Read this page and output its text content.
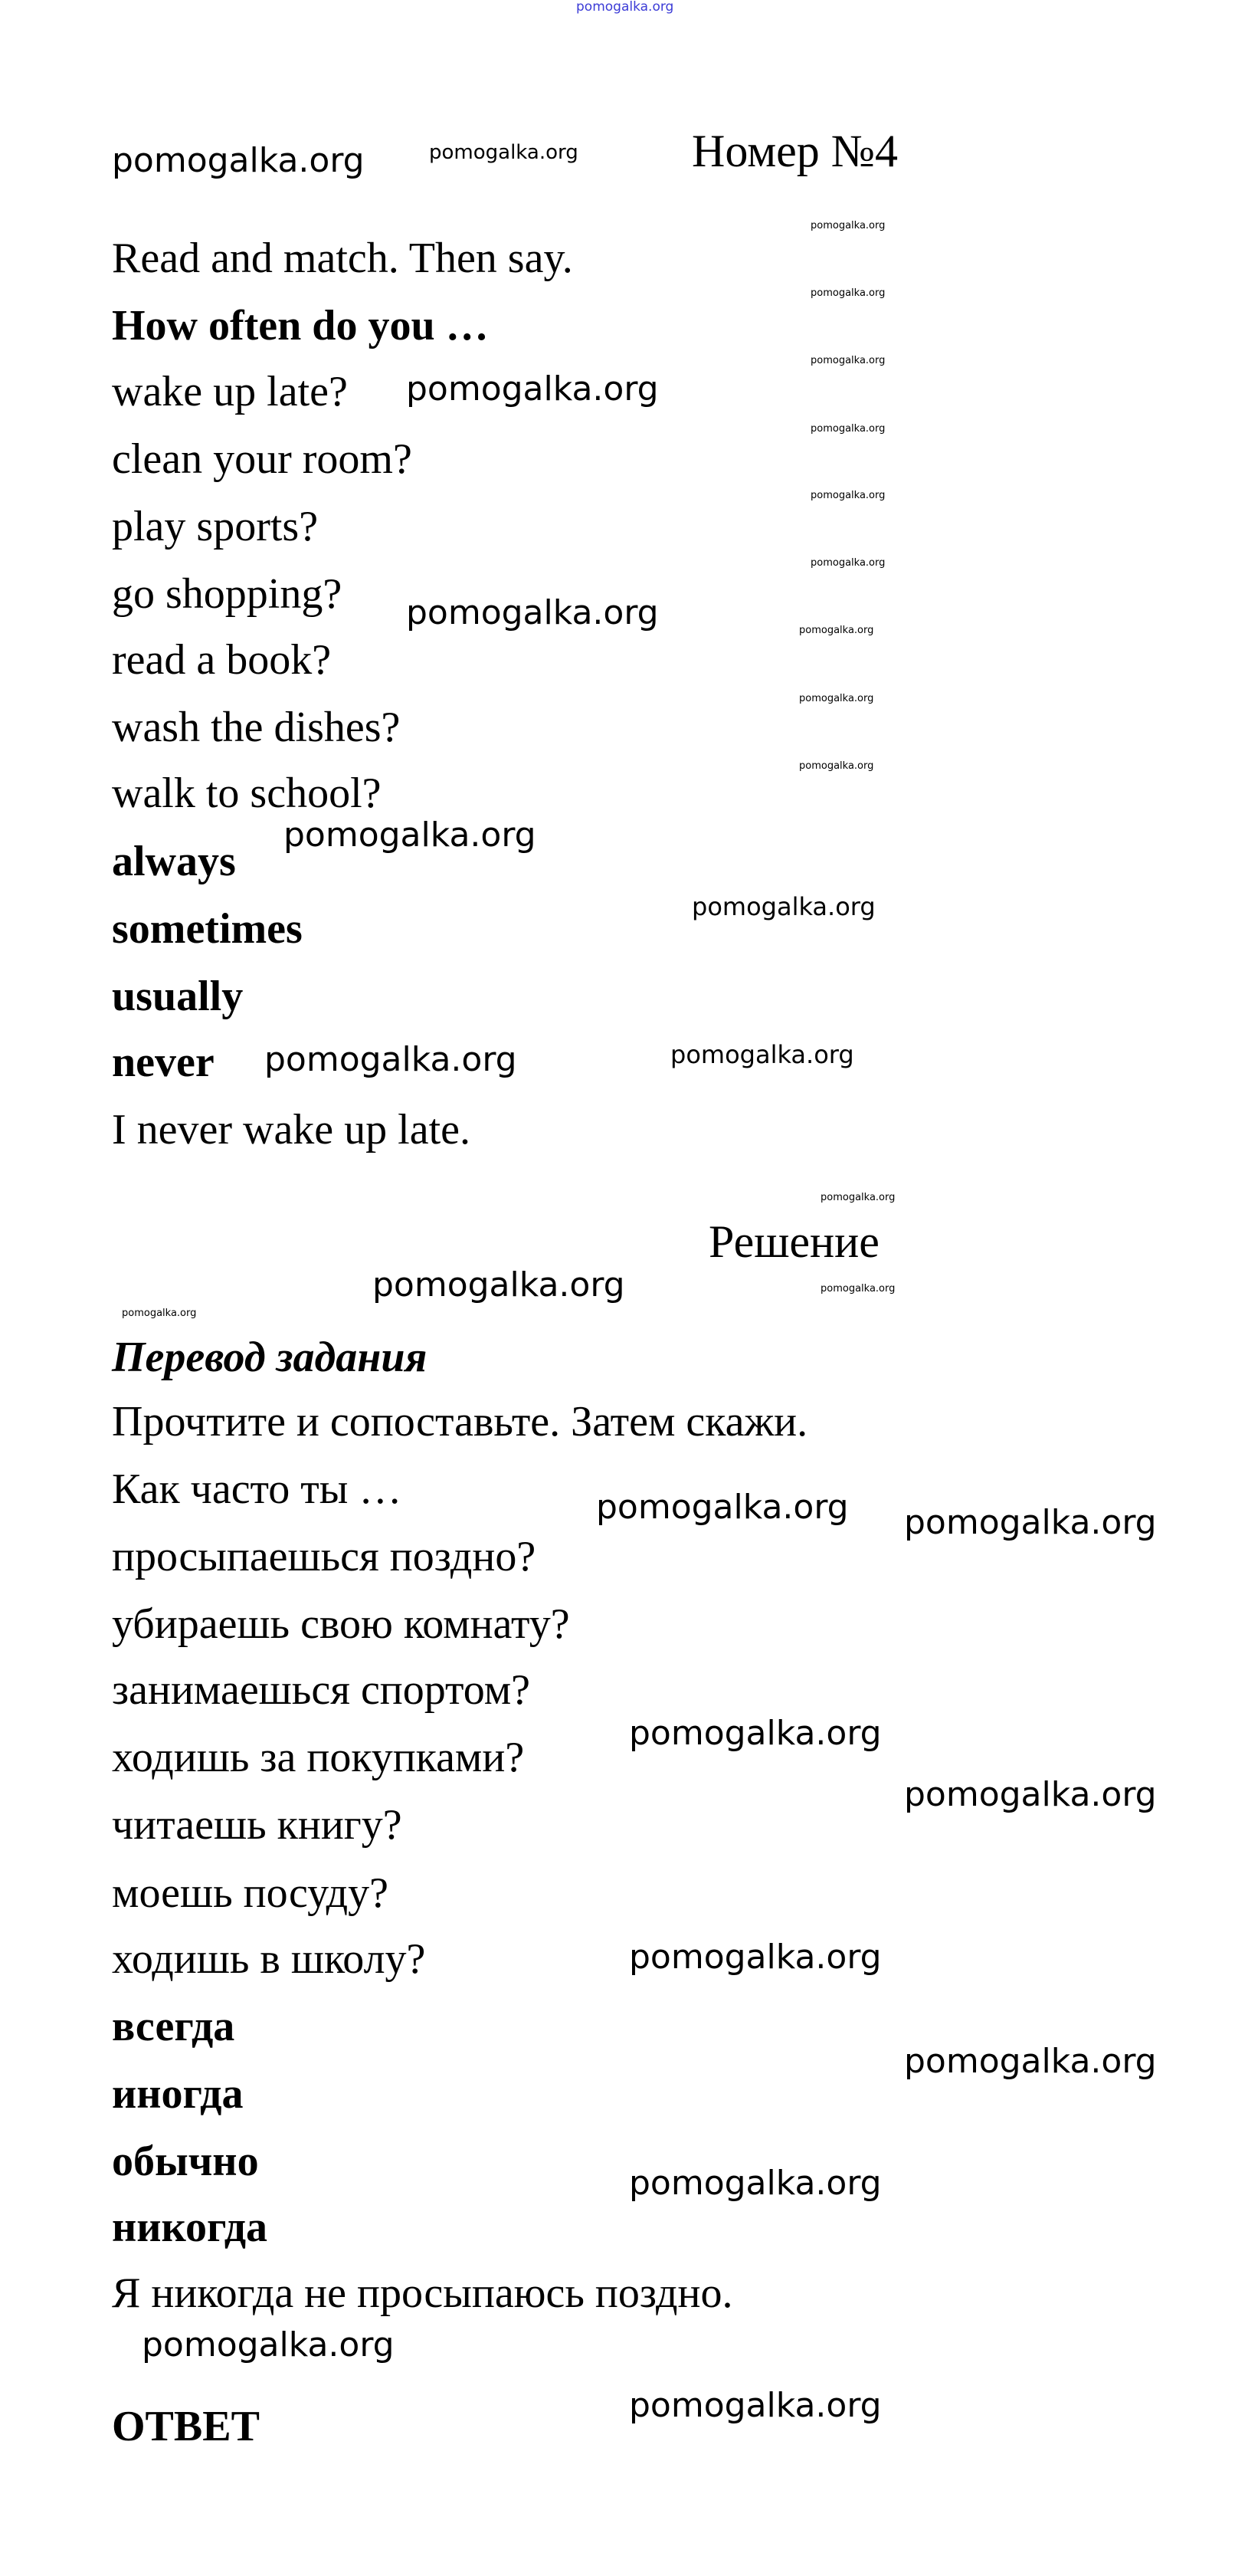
Номер №4
Read and match. Then say.
How often do you …
wake up late?
clean your room?
play sports?
go shopping?
read a book?
wash the dishes?
walk to school?
always
sometimes
usually
never
I never wake up late.
Решение
Перевод задания
Прочтите и сопоставьте. Затем скажи.
Как часто ты …
просыпаешься поздно?
убираешь свою комнату?
занимаешься спортом?
ходишь за покупками?
читаешь книгу?
моешь посуду?
ходишь в школу?
всегда
иногда
обычно
никогда
Я никогда не просыпаюсь поздно.
ОТВЕТ
pomogalka.org
pomogalka.org	pomogalka.org
pomogalka.org
pomogalka.org
pomogalka.org
pomogalka.org
pomogalka.org
pomogalka.org
pomogalka.org
pomogalka.org
pomogalka.org
pomogalka.org
pomogalka.org
pomogalka.org
pomogalka.org
pomogalka.org	pomogalka.org
pomogalka.org
pomogalka.org
pomogalka.org
pomogalka.org
pomogalka.org
pomogalka.org
pomogalka.org
pomogalka.org
pomogalka.org
pomogalka.org
pomogalka.org
pomogalka.org
pomogalka.org
